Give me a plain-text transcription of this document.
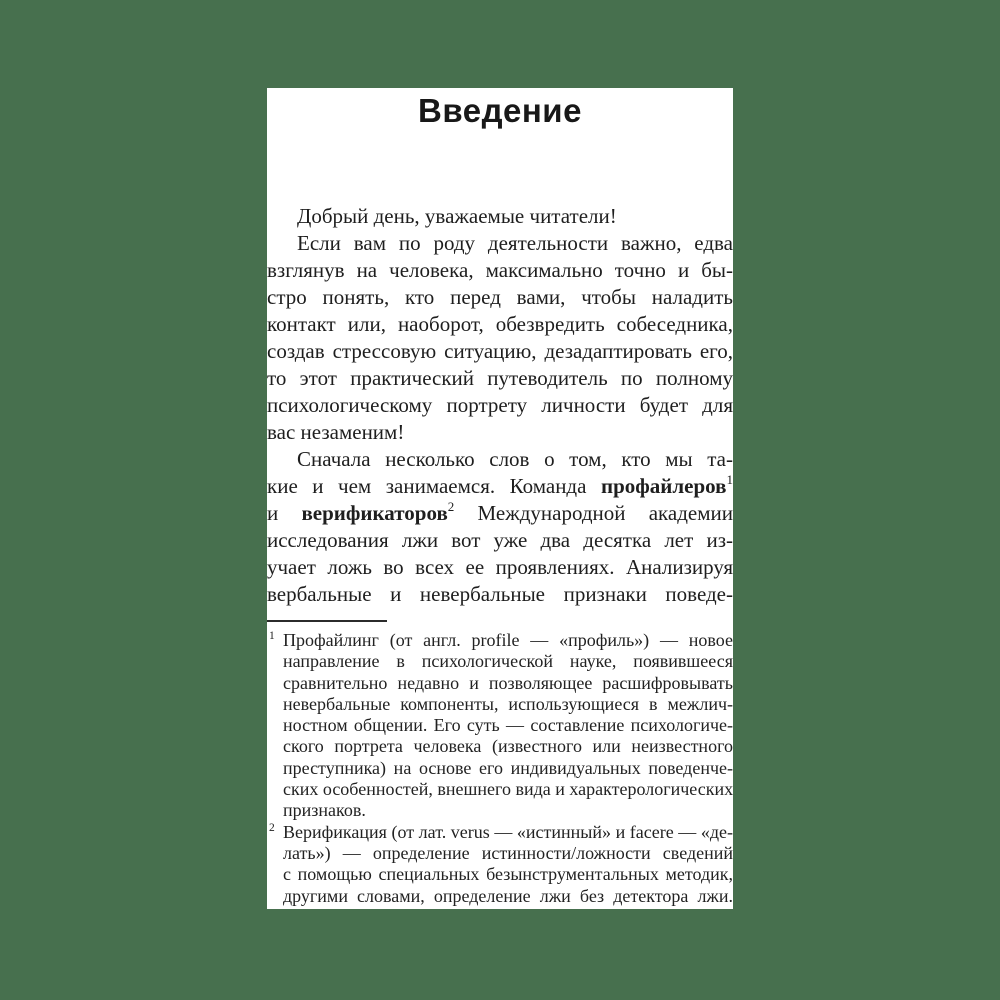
Введение
Добрый день, уважаемые читатели!
Если вам по роду деятельности важно, едва
взглянув на человека, максимально точно и бы-
стро понять, кто перед вами, чтобы наладить
контакт или, наоборот, обезвредить собеседника,
создав стрессовую ситуацию, дезадаптировать его,
то этот практический путеводитель по полному
психологическому портрету личности будет для
вас незаменим!
Сначала несколько слов о том, кто мы та-
кие и чем занимаемся. Команда профайлеров$^1$
и верификаторов$^2$ Международной академии
исследования лжи вот уже два десятка лет из-
учает ложь во всех ее проявлениях. Анализируя
вербальные и невербальные признаки поведе-
1 Профайлинг (от англ. profile — «профиль») — новое
направление в психологической науке, появившееся
сравнительно недавно и позволяющее расшифровывать
невербальные компоненты, использующиеся в межлич-
ностном общении. Его суть — составление психологиче-
ского портрета человека (известного или неизвестного
преступника) на основе его индивидуальных поведенче-
ских особенностей, внешнего вида и характерологических
признаков.
2 Верификация (от лат. verus — «истинный» и facere — «де-
лать») — определение истинности/ложности сведений
с помощью специальных безынструментальных методик,
другими словами, определение лжи без детектора лжи.
